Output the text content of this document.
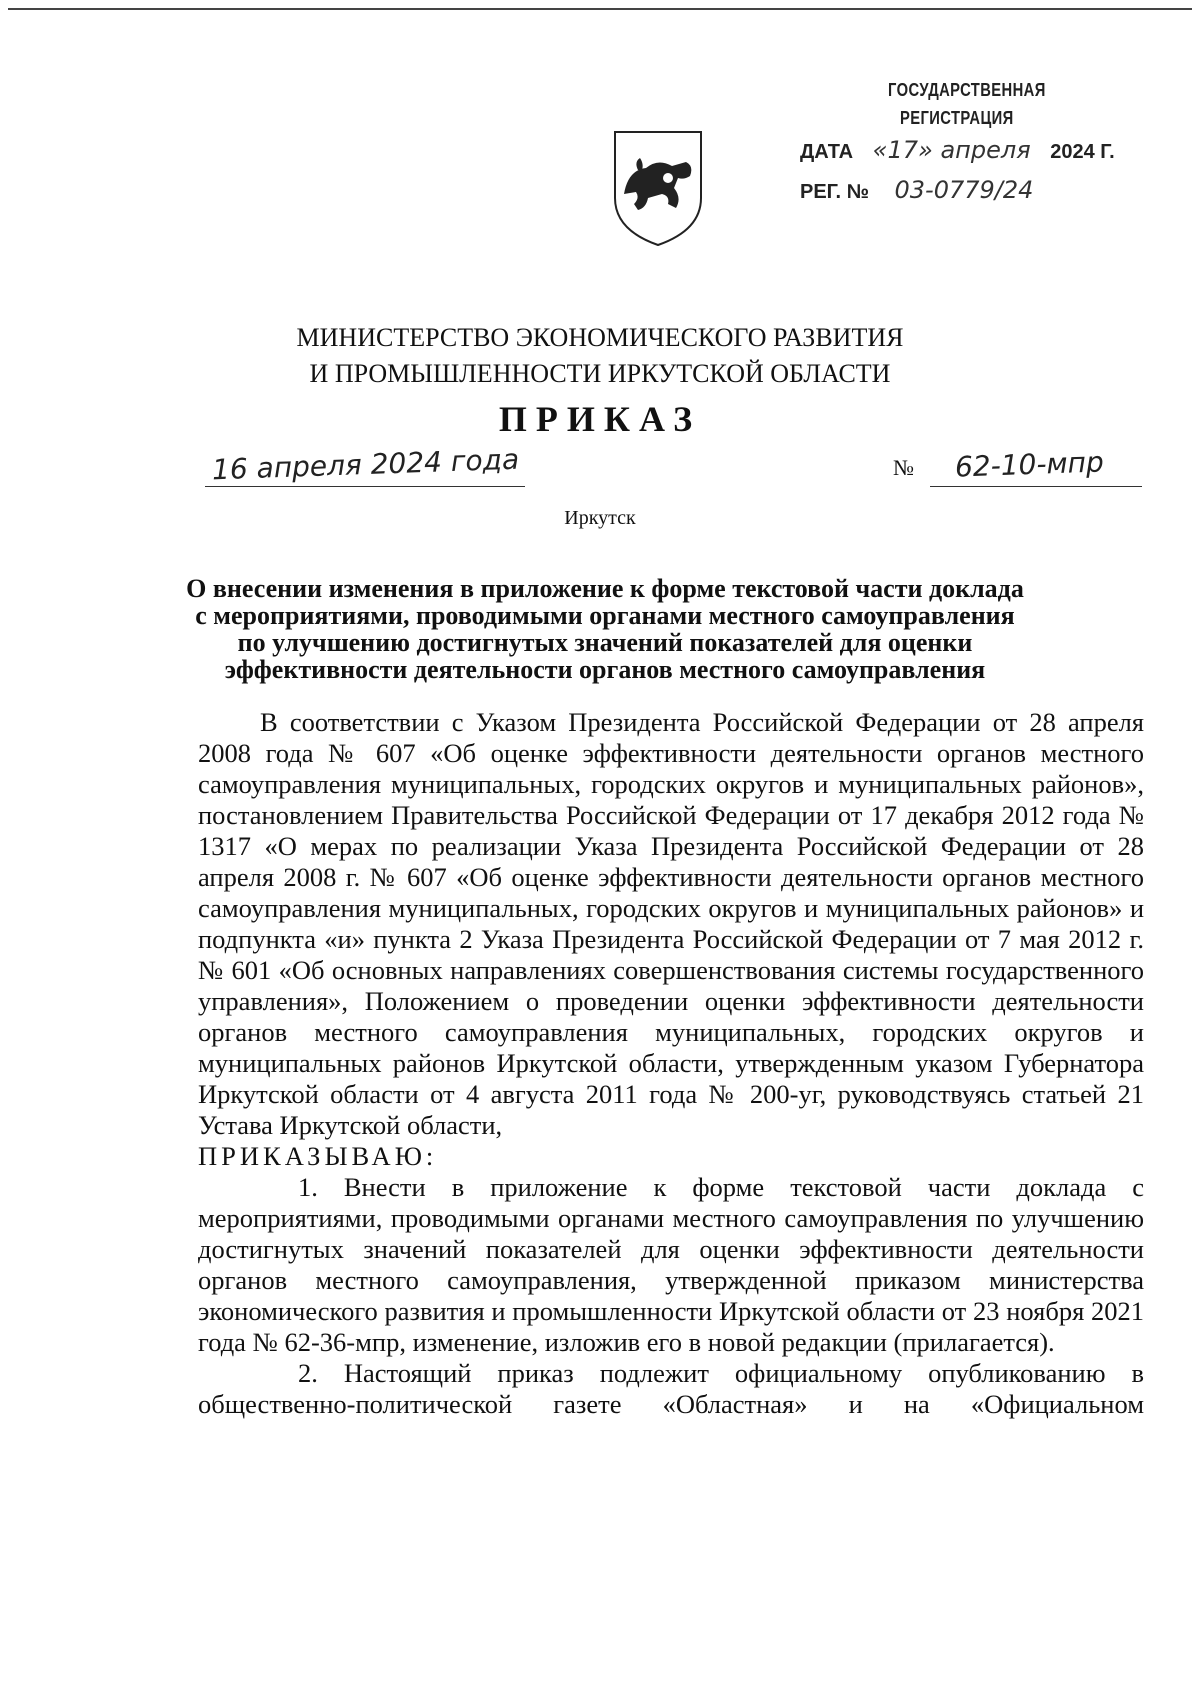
ГОСУДАРСТВЕННАЯ
РЕГИСТРАЦИЯ
ДАТА «17» апреля 2024 Г.
РЕГ. № 03-0779/24
МИНИСТЕРСТВО ЭКОНОМИЧЕСКОГО РАЗВИТИЯ
И ПРОМЫШЛЕННОСТИ ИРКУТСКОЙ ОБЛАСТИ
ПРИКАЗ
16 апреля 2024 года	№ 62-10-мпр
Иркутск
О внесении изменения в приложение к форме текстовой части доклада с мероприятиями, проводимыми органами местного самоуправления по улучшению достигнутых значений показателей для оценки эффективности деятельности органов местного самоуправления

В соответствии с Указом Президента Российской Федерации от 28 апреля 2008 года № 607 «Об оценке эффективности деятельности органов местного самоуправления муниципальных, городских округов и муниципальных районов», постановлением Правительства Российской Федерации от 17 декабря 2012 года № 1317 «О мерах по реализации Указа Президента Российской Федерации от 28 апреля 2008 г. № 607 «Об оценке эффективности деятельности органов местного самоуправления муниципальных, городских округов и муниципальных районов» и подпункта «и» пункта 2 Указа Президента Российской Федерации от 7 мая 2012 г. № 601 «Об основных направлениях совершенствования системы государственного управления», Положением о проведении оценки эффективности деятельности органов местного самоуправления муниципальных, городских округов и муниципальных районов Иркутской области, утвержденным указом Губернатора Иркутской области от 4 августа 2011 года № 200-уг, руководствуясь статьей 21 Устава Иркутской области,

ПРИКАЗЫВАЮ:

1. Внести в приложение к форме текстовой части доклада с мероприятиями, проводимыми органами местного самоуправления по улучшению достигнутых значений показателей для оценки эффективности деятельности органов местного самоуправления, утвержденной приказом министерства экономического развития и промышленности Иркутской области от 23 ноября 2021 года № 62-36-мпр, изменение, изложив его в новой редакции (прилагается).

2. Настоящий приказ подлежит официальному опубликованию в общественно-политической газете «Областная» и на «Официальном
